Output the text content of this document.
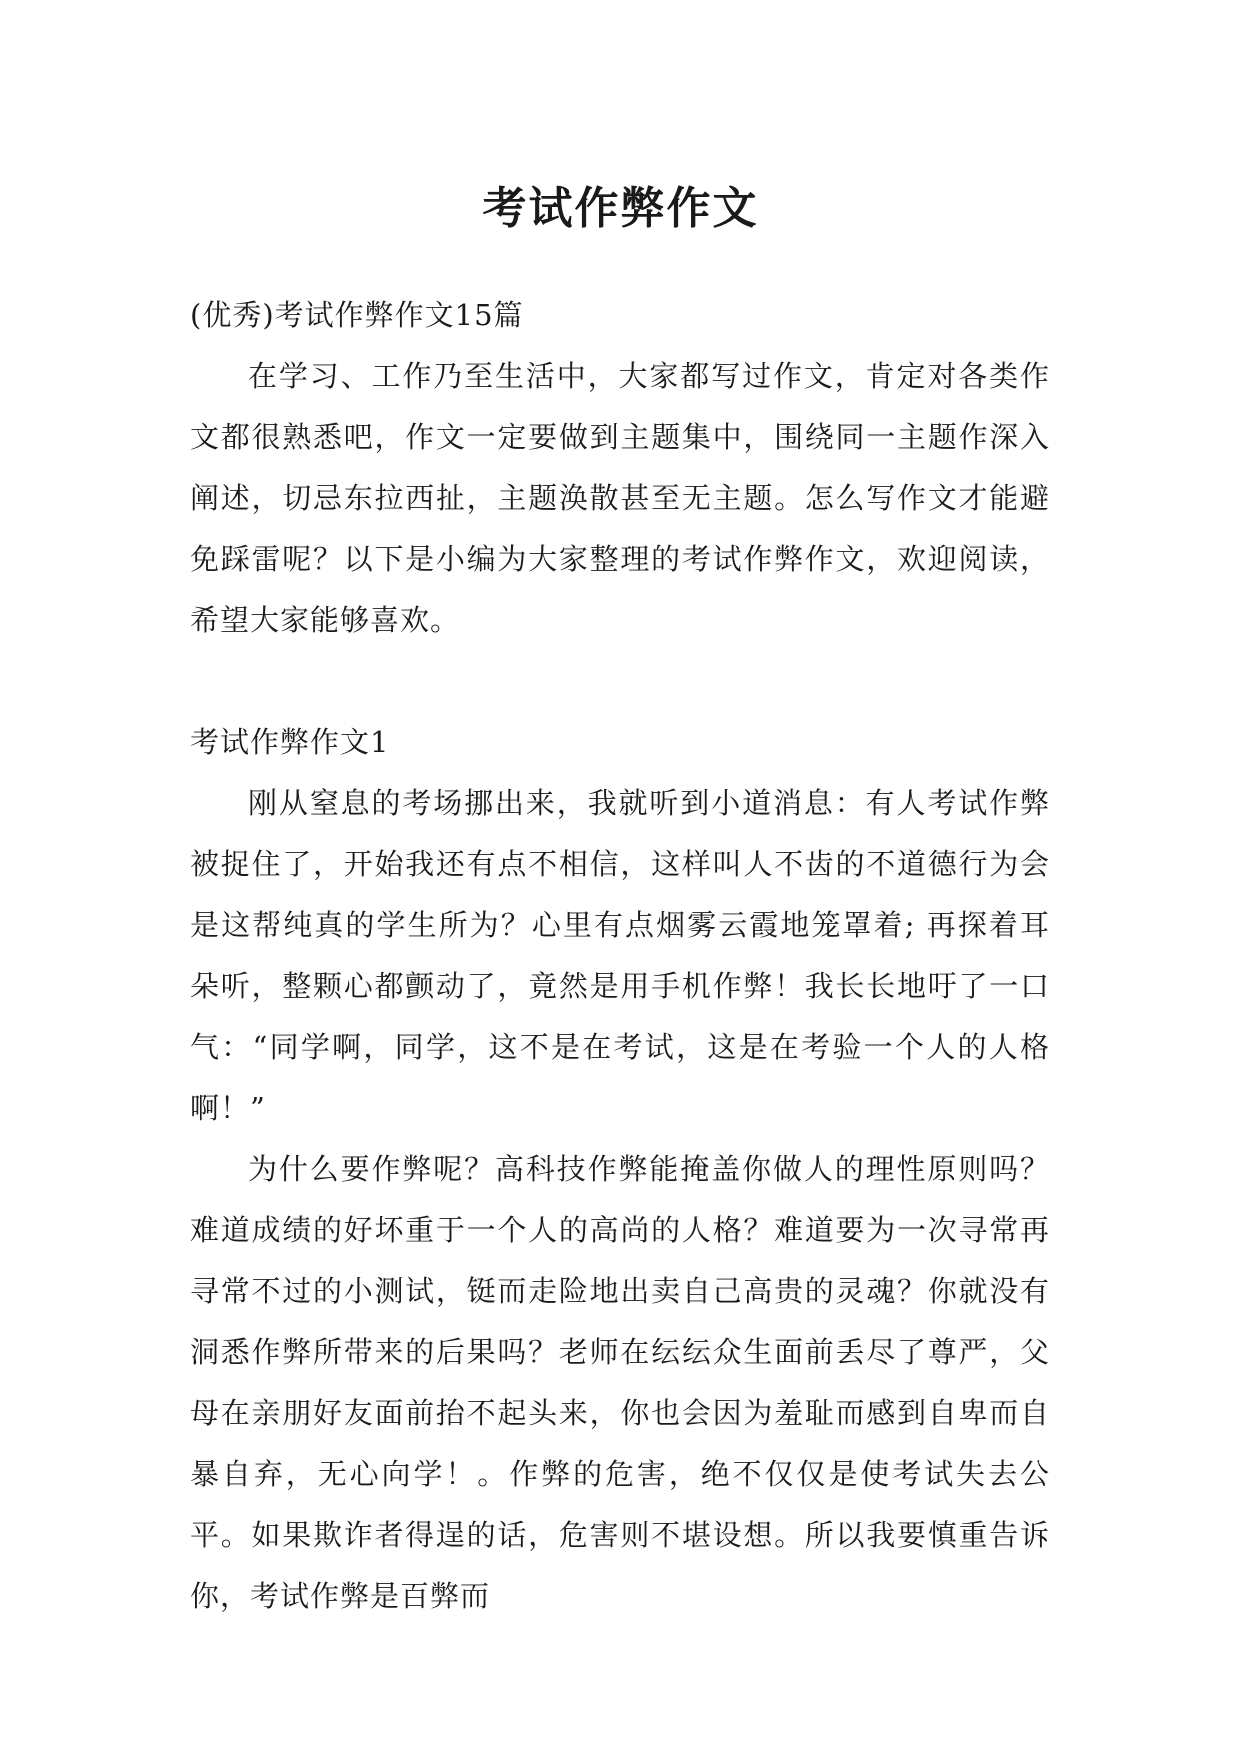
考试作弊作文

(优秀)考试作弊作文15篇

在学习、工作乃至生活中，大家都写过作文，肯定对各类作文都很熟悉吧，作文一定要做到主题集中，围绕同一主题作深入阐述，切忌东拉西扯，主题涣散甚至无主题。怎么写作文才能避免踩雷呢？以下是小编为大家整理的考试作弊作文，欢迎阅读，希望大家能够喜欢。

考试作弊作文1

刚从窒息的考场挪出来，我就听到小道消息：有人考试作弊被捉住了，开始我还有点不相信，这样叫人不齿的不道德行为会是这帮纯真的学生所为？心里有点烟雾云霞地笼罩着; 再探着耳朵听，整颗心都颤动了，竟然是用手机作弊！我长长地吁了一口气：“同学啊，同学，这不是在考试，这是在考验一个人的人格啊！”

为什么要作弊呢？高科技作弊能掩盖你做人的理性原则吗？难道成绩的好坏重于一个人的高尚的人格？难道要为一次寻常再寻常不过的小测试，铤而走险地出卖自己高贵的灵魂？你就没有洞悉作弊所带来的后果吗？老师在纭纭众生面前丢尽了尊严，父母在亲朋好友面前抬不起头来，你也会因为羞耻而感到自卑而自暴自弃，无心向学！。作弊的危害，绝不仅仅是使考试失去公平。如果欺诈者得逞的话，危害则不堪设想。所以我要慎重告诉你，考试作弊是百弊而
